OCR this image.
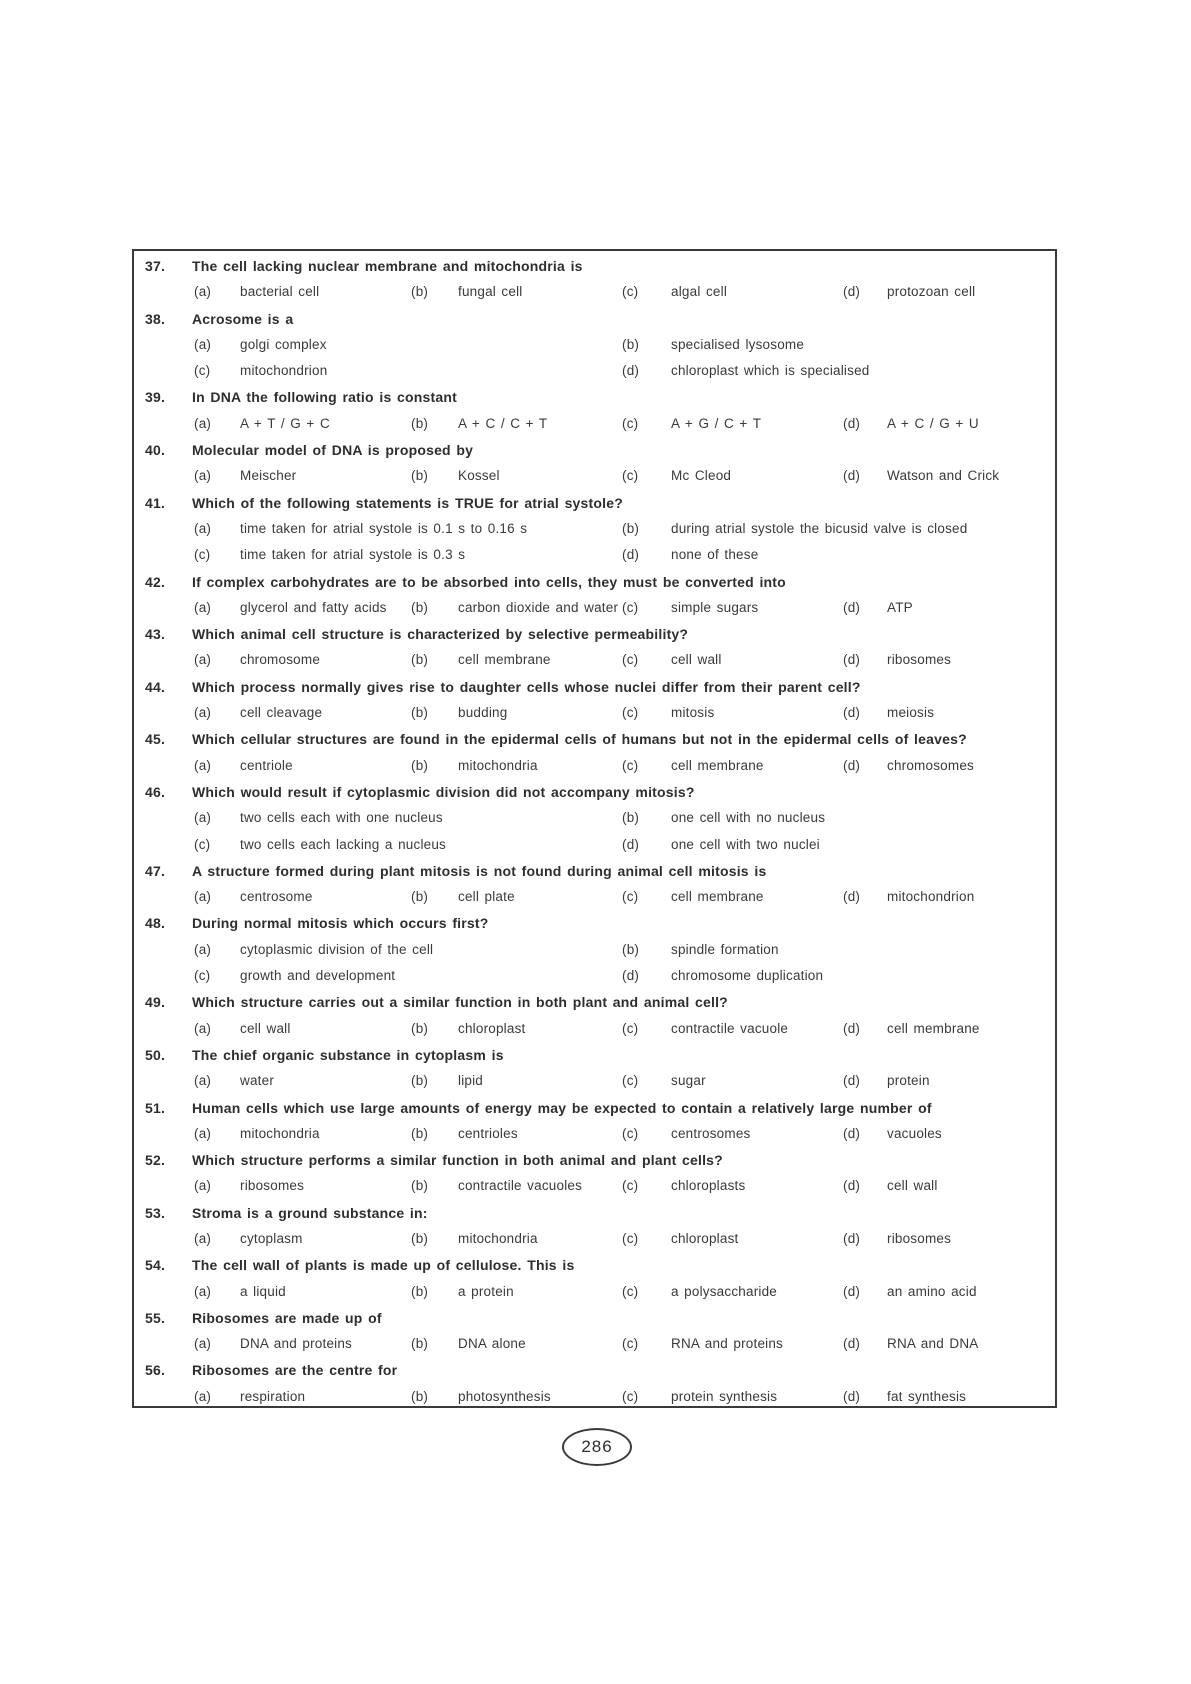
37. The cell lacking nuclear membrane and mitochondria is
(a) bacterial cell	(b) fungal cell	(c) algal cell	(d) protozoan cell
38. Acrosome is a
(a) golgi complex	(b) specialised lysosome
(c) mitochondrion	(d) chloroplast which is specialised
39. In DNA the following ratio is constant
(a) A + T / G + C	(b) A + C / C + T	(c) A + G / C + T	(d) A + C / G + U
40. Molecular model of DNA is proposed by
(a) Meischer	(b) Kossel	(c) Mc Cleod	(d) Watson and Crick
41. Which of the following statements is TRUE for atrial systole?
(a) time taken for atrial systole is 0.1 s to 0.16 s	(b) during atrial systole the bicusid valve is closed
(c) time taken for atrial systole is 0.3 s	(d) none of these
42. If complex carbohydrates are to be absorbed into cells, they must be converted into
(a) glycerol and fatty acids (b) carbon dioxide and water (c) simple sugars	(d) ATP
43. Which animal cell structure is characterized by selective permeability?
(a) chromosome	(b) cell membrane	(c) cell wall	(d) ribosomes
44. Which process normally gives rise to daughter cells whose nuclei differ from their parent cell?
(a) cell cleavage	(b) budding	(c) mitosis	(d) meiosis
45. Which cellular structures are found in the epidermal cells of humans but not in the epidermal cells of leaves?
(a) centriole	(b) mitochondria	(c) cell membrane	(d) chromosomes
46. Which would result if cytoplasmic division did not accompany mitosis?
(a) two cells each with one nucleus	(b) one cell with no nucleus
(c) two cells each lacking a nucleus	(d) one cell with two nuclei
47. A structure formed during plant mitosis is not found during animal cell mitosis is
(a) centrosome	(b) cell plate	(c) cell membrane	(d) mitochondrion
48. During normal mitosis which occurs first?
(a) cytoplasmic division of the cell	(b) spindle formation
(c) growth and development	(d) chromosome duplication
49. Which structure carries out a similar function in both plant and animal cell?
(a) cell wall	(b) chloroplast	(c) contractile vacuole	(d) cell membrane
50. The chief organic substance in cytoplasm is
(a) water	(b) lipid	(c) sugar	(d) protein
51. Human cells which use large amounts of energy may be expected to contain a relatively large number of
(a) mitochondria	(b) centrioles	(c) centrosomes	(d) vacuoles
52. Which structure performs a similar function in both animal and plant cells?
(a) ribosomes	(b) contractile vacuoles	(c) chloroplasts	(d) cell wall
53. Stroma is a ground substance in:
(a) cytoplasm	(b) mitochondria	(c) chloroplast	(d) ribosomes
54. The cell wall of plants is made up of cellulose. This is
(a) a liquid	(b) a protein	(c) a polysaccharide	(d) an amino acid
55. Ribosomes are made up of
(a) DNA and proteins	(b) DNA alone	(c) RNA and proteins	(d) RNA and DNA
56. Ribosomes are the centre for
(a) respiration	(b) photosynthesis	(c) protein synthesis	(d) fat synthesis
286
